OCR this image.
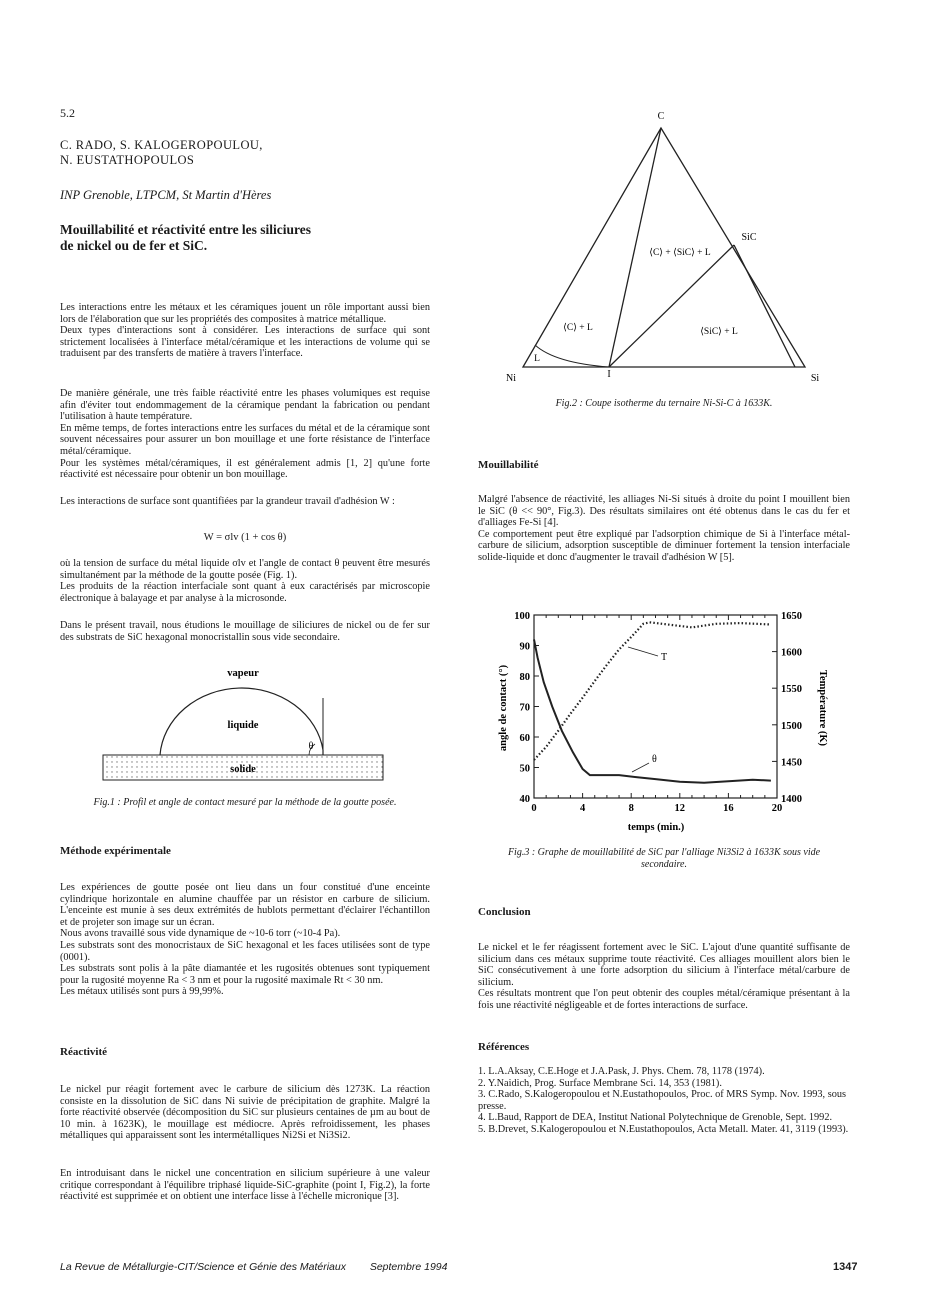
5.2
C. RADO, S. KALOGEROPOULOU,
N. EUSTATHOPOULOS
INP Grenoble, LTPCM, St Martin d'Hères
Mouillabilité et réactivité entre les siliciures
de nickel ou de fer et SiC.

Les interactions entre les métaux et les céramiques jouent un rôle important aussi bien lors de l'élaboration que sur les propriétés des composites à matrice métallique.

Deux types d'interactions sont à considérer. Les interactions de surface qui sont strictement localisées à l'interface métal/céramique et les interactions de volume qui se traduisent par des transferts de matière à travers l'interface.

De manière générale, une très faible réactivité entre les phases volumiques est requise afin d'éviter tout endommagement de la céramique pendant la fabrication ou pendant l'utilisation à haute température.

En même temps, de fortes interactions entre les surfaces du métal et de la céramique sont souvent nécessaires pour assurer un bon mouillage et une forte résistance de l'interface métal/céramique.

Pour les systèmes métal/céramiques, il est généralement admis [1, 2] qu'une forte réactivité est nécessaire pour obtenir un bon mouillage.

Les interactions de surface sont quantifiées par la grandeur travail d'adhésion W :

W = σlv (1 + cos θ)

où la tension de surface du métal liquide σlv et l'angle de contact θ peuvent être mesurés simultanément par la méthode de la goutte posée (Fig. 1).

Les produits de la réaction interfaciale sont quant à eux caractérisés par microscopie électronique à balayage et par analyse à la microsonde.

Dans le présent travail, nous étudions le mouillage de siliciures de nickel ou de fer sur des substrats de SiC hexagonal monocristallin sous vide secondaire.

vapeur
liquide
solide
θ
Fig.1 : Profil et angle de contact mesuré par la méthode de la goutte posée.
Méthode expérimentale

Les expériences de goutte posée ont lieu dans un four constitué d'une enceinte cylindrique horizontale en alumine chauffée par un résistor en carbure de silicium. L'enceinte est munie à ses deux extrémités de hublots permettant d'éclairer l'échantillon et de projeter son image sur un écran.

Nous avons travaillé sous vide dynamique de ~10-6 torr (~10-4 Pa).

Les substrats sont des monocristaux de SiC hexagonal et les faces utilisées sont de type (0001).

Les substrats sont polis à la pâte diamantée et les rugosités obtenues sont typiquement pour la rugosité moyenne Ra < 3 nm et pour la rugosité maximale Rt < 30 nm.

Les métaux utilisés sont purs à 99,99%.

Réactivité

Le nickel pur réagit fortement avec le carbure de silicium dès 1273K. La réaction consiste en la dissolution de SiC dans Ni suivie de précipitation de graphite. Malgré la forte réactivité observée (décomposition du SiC sur plusieurs centaines de µm au bout de 10 min. à 1623K), le mouillage est médiocre. Après refroidissement, les phases métalliques qui apparaissent sont les intermétalliques Ni2Si et Ni3Si2.

En introduisant dans le nickel une concentration en silicium supérieure à une valeur critique correspondant à l'équilibre triphasé liquide-SiC-graphite (point I, Fig.2), la forte réactivité est supprimée et on obtient une interface lisse à l'échelle micronique [3].

C
SiC
Ni	Si
I
L
⟨C⟩ + ⟨SiC⟩ + L
⟨C⟩ + L	⟨SiC⟩ + L
Fig.2 : Coupe isotherme du ternaire Ni-Si-C à 1633K.
Mouillabilité

Malgré l'absence de réactivité, les alliages Ni-Si situés à droite du point I mouillent bien le SiC (θ << 90°, Fig.3). Des résultats similaires ont été obtenus dans le cas du fer et d'alliages Fe-Si [4].

Ce comportement peut être expliqué par l'adsorption chimique de Si à l'interface métal-carbure de silicium, adsorption susceptible de diminuer fortement la tension interfaciale solide-liquide et donc d'augmenter le travail d'adhésion W [5].

40
50
60
70
80
90
100
1400
1450
1500
1550
1600
1650
0	4	8	12	16	20
temps (min.)
angle de contact (°)	Température (K)
T
θ
Fig.3 : Graphe de mouillabilité de SiC par l'alliage Ni3Si2 à 1633K sous vide
secondaire.
Conclusion

Le nickel et le fer réagissent fortement avec le SiC. L'ajout d'une quantité suffisante de silicium dans ces métaux supprime toute réactivité. Ces alliages mouillent alors bien le SiC consécutivement à une forte adsorption du silicium à l'interface métal/carbure de silicium.

Ces résultats montrent que l'on peut obtenir des couples métal/céramique présentant à la fois une réactivité négligeable et de fortes interactions de surface.

Références

1. L.A.Aksay, C.E.Hoge et J.A.Pask, J. Phys. Chem. 78, 1178 (1974).

2. Y.Naidich, Prog. Surface Membrane Sci. 14, 353 (1981).

3. C.Rado, S.Kalogeropoulou et N.Eustathopoulos, Proc. of MRS Symp. Nov. 1993, sous presse.

4. L.Baud, Rapport de DEA, Institut National Polytechnique de Grenoble, Sept. 1992.

5. B.Drevet, S.Kalogeropoulou et N.Eustathopoulos, Acta Metall. Mater. 41, 3119 (1993).

La Revue de Métallurgie-CIT/Science et Génie des Matériaux Septembre 1994	1347
